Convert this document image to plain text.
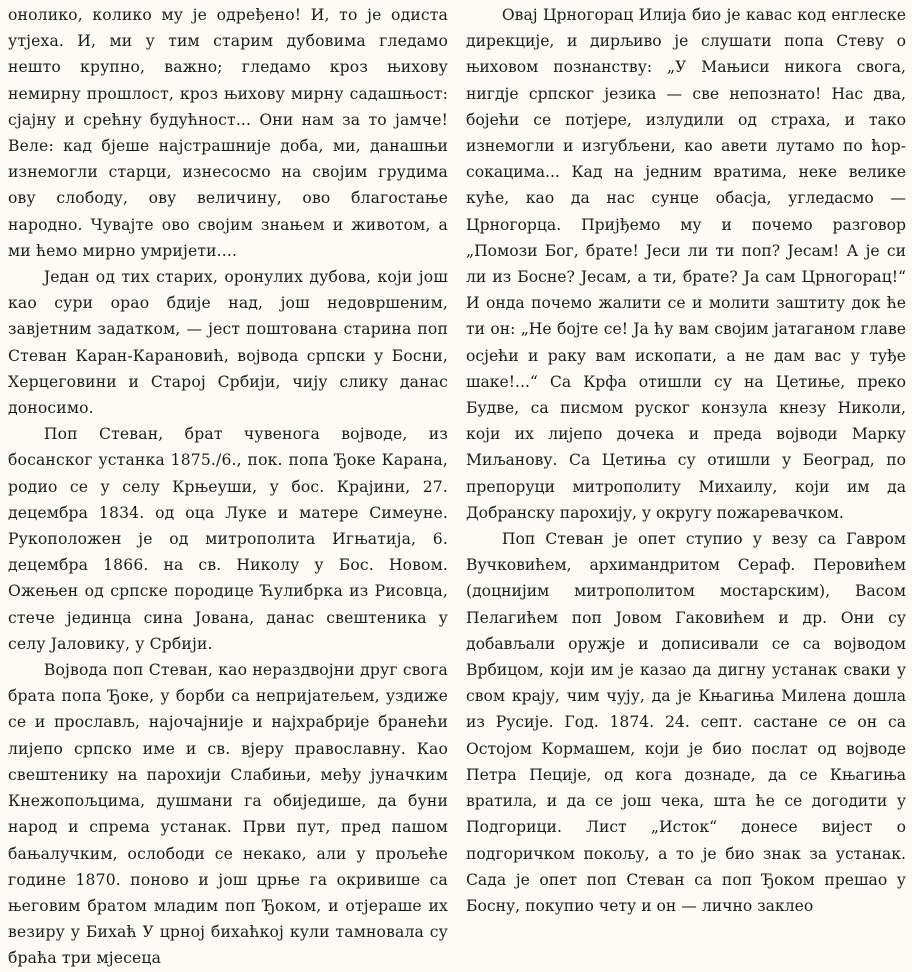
онолико, колико му је одређено! И, то је одиста утјеха. И, ми у тим старим дубовима гледамо нешто крупно, важно; гледамо кроз њихову немирну прошлост, кроз њихову мирну садашњост: сјајну и срећну будућност... Они нам за то јамче! Веле: кад бјеше најстрашније доба, ми, данашњи изнемогли старци, изнесосмо на својим грудима ову слободу, ову величину, ово благостање народно. Чувајте ово својим знањем и животом, а ми ћемо мирно умријети....

Један од тих старих, оронулих дубова, који још као сури орао бдије над, још недовршеним, завјетним задатком, — јест поштована старина поп Стеван Каран-Карановић, војвода српски у Босни, Херцеговини и Старој Србији, чију слику данас доносимо.

Поп Стеван, брат чувенога војводе, из босанског устанка 1875./6., пок. попа Ђоке Карана, родио се у селу Крњеуши, у бос. Крајини, 27. децембра 1834. од оца Луке и матере Симеуне. Рукоположен је од митрополита Игњатија, 6. децембра 1866. на св. Николу у Бос. Новом. Ожењен од српске породице Ћулибрка из Рисовца, стече јединца сина Јована, данас свештеника у селу Јаловику, у Србији.

Војвода поп Стеван, као нераздвојни друг свога брата попа Ђоке, у борби са непријатељем, уздиже се и прослављ, најочајније и најхрабрије бранећи лијепо српско име и св. вјеру православну. Као свештенику на парохији Слабињи, међу јуначким Кнежопољцима, душмани га обиједише, да буни народ и спрема устанак. Први пут, пред пашом бањалучким, ослободи се некако, али у прољеће године 1870. поново и још црње га окривише са његовим братом младим поп Ђоком, и отјераше их везиру у Бихаћ У црној бихаћкој кули тамновала су браћа три мјесеца

Овај Црногорац Илија био је кавас код енглеске дирекције, и дирљиво је слушати попа Стеву о њиховом познанству: „У Мањиси никога свога, нигдје српског језика — све непознато! Нас два, бојећи се потјере, излудили од страха, и тако изнемогли и изгубљени, као авети лутамо по ћор-сокацима... Кад на једним вратима, неке велике куће, као да нас сунце обасја, угледасмо — Црногорца. Пријђемо му и почемо разговор „Помози Бог, брате! Јеси ли ти поп? Јесам! А је си ли из Босне? Јесам, а ти, брате? Ја сам Црногорац!“ И онда почемо жалити се и молити заштиту док ће ти он: „Не бојте се! Ја ћу вам својим јатаганом главе осјећи и раку вам ископати, а не дам вас у туђе шаке!...“ Са Крфа отишли су на Цетиње, преко Будве, са писмом руског конзула кнезу Николи, који их лијепо дочека и преда војводи Марку Миљанову. Са Цетиња су отишли у Београд, по препоруци митрополиту Михаилу, који им да Добранску парохију, у округу пожаревачком.

Поп Стеван је опет ступио у везу са Гавром Вучковићем, архимандритом Сераф. Перовићем (доцнијим митрополитом мостарским), Васом Пелагићем поп Јовом Гаковићем и др. Они су добављали оружје и дописивали се са војводом Врбицом, који им је казао да дигну устанак сваки у свом крају, чим чују, да је Књагиња Милена дошла из Русије. Год. 1874. 24. септ. састане се он са Остојом Кормашем, који је био послат од војводе Петра Пеције, од кога дознаде, да се Књагиња вратила, и да се још чека, шта ће се догодити у Подгорици. Лист „Исток“ донесе вијест о подгоричком покољу, а то је био знак за устанак. Сада је опет поп Стеван са поп Ђоком прешао у Босну, покупио чету и он — лично заклео
